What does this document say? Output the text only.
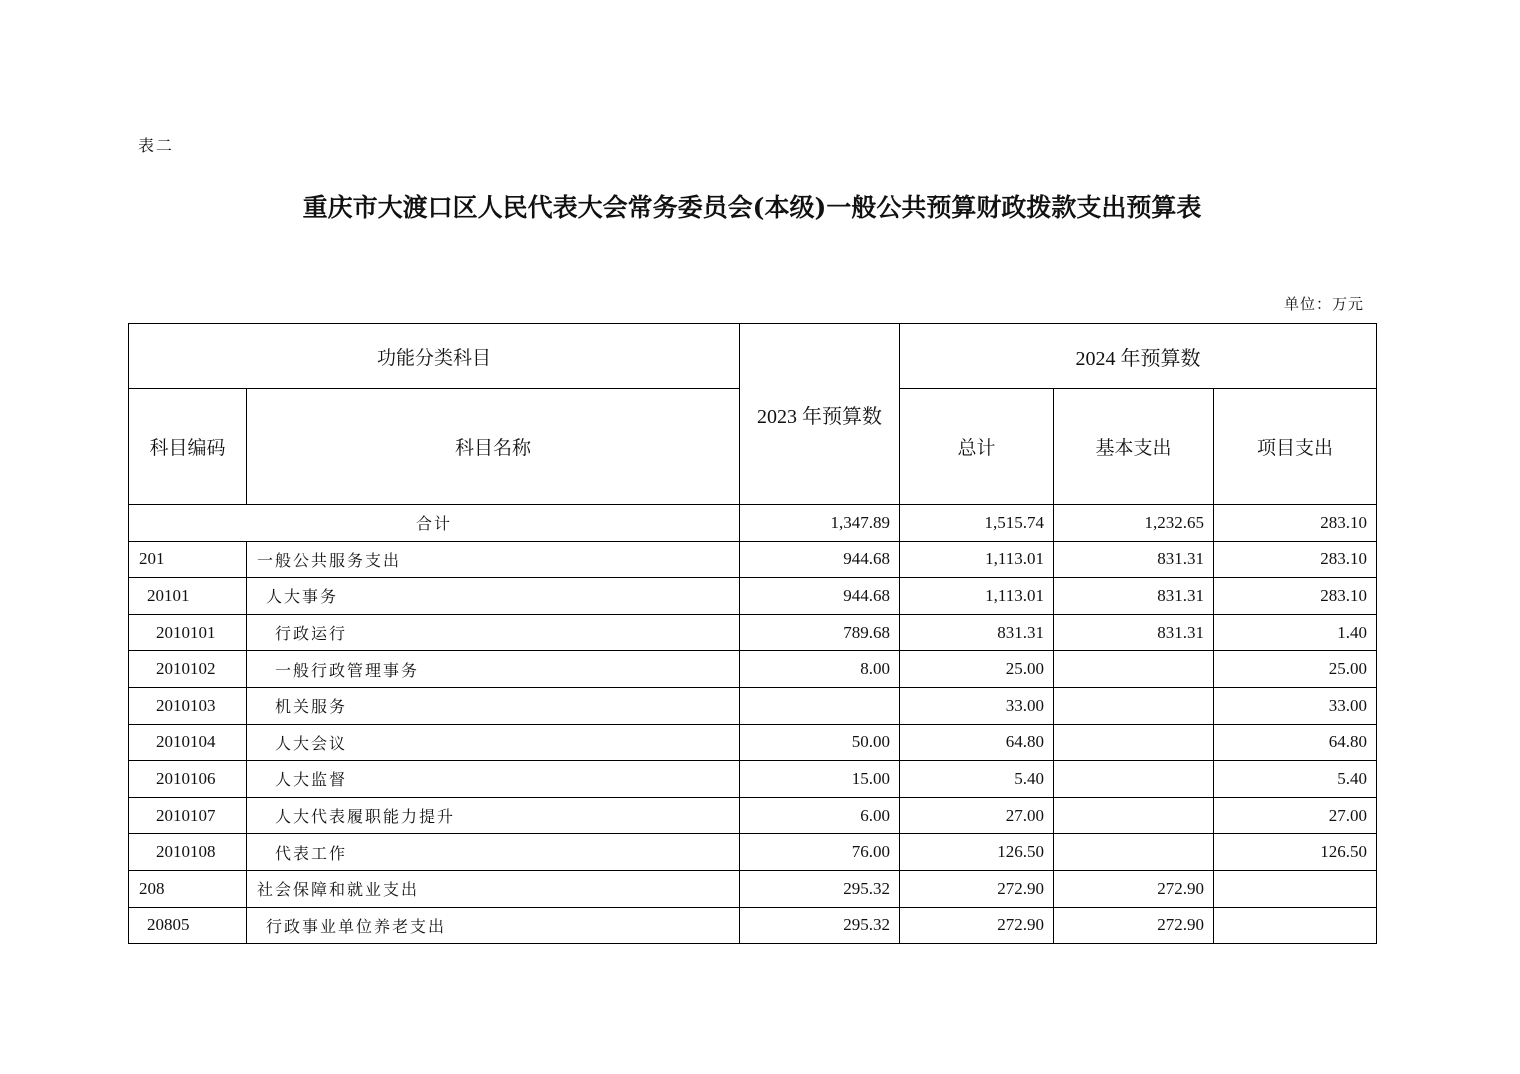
表二
重庆市大渡口区人民代表大会常务委员会(本级)一般公共预算财政拨款支出预算表
单位：万元
功能分类科目		2023 年预算数	2024 年预算数		
科目编码	科目名称		总计	基本支出	项目支出
合计		1,347.89	1,515.74	1,232.65	283.10
201	一般公共服务支出	944.68	1,113.01	831.31	283.10
20101	人大事务	944.68	1,113.01	831.31	283.10
2010101	行政运行	789.68	831.31	831.31	1.40
2010102	一般行政管理事务	8.00	25.00		25.00
2010103	机关服务		33.00		33.00
2010104	人大会议	50.00	64.80		64.80
2010106	人大监督	15.00	5.40		5.40
2010107	人大代表履职能力提升	6.00	27.00		27.00
2010108	代表工作	76.00	126.50		126.50
208	社会保障和就业支出	295.32	272.90	272.90	
20805	行政事业单位养老支出	295.32	272.90	272.90	
